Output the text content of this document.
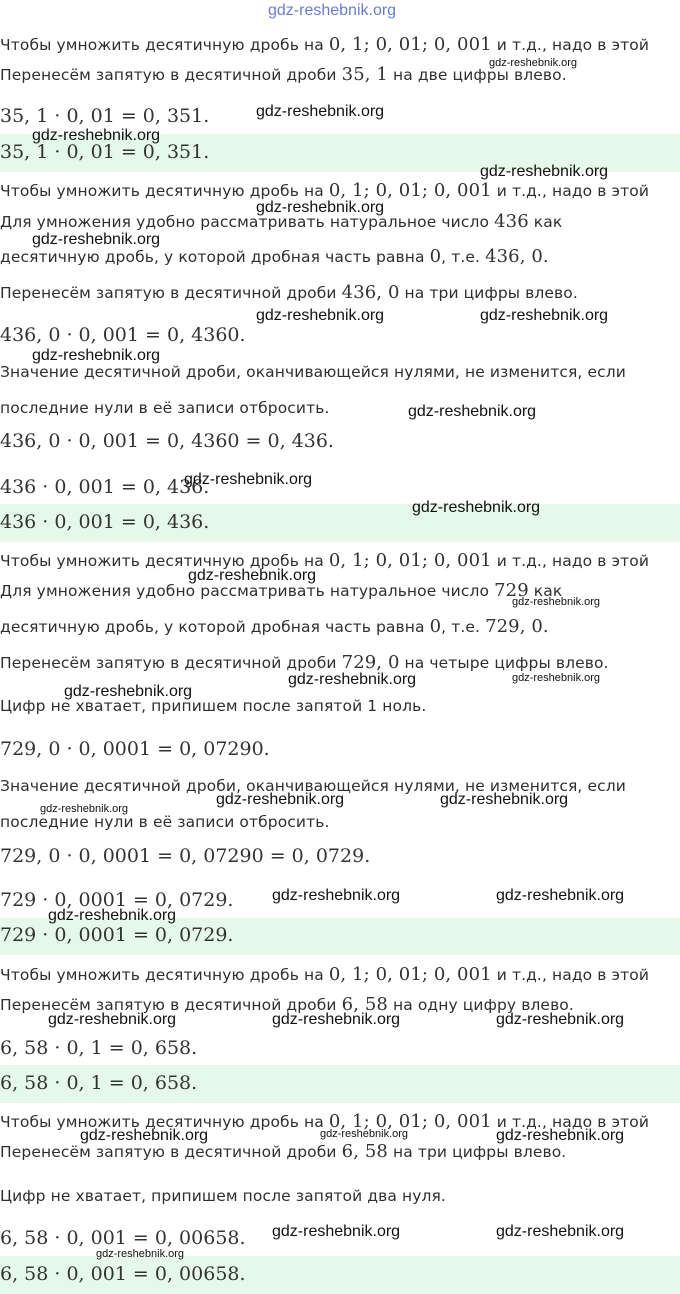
gdz-reshebnik.org

Чтобы умножить десятичную дробь на 0, 1; 0, 01; 0, 001 и т.д., надо в этой

Перенесём запятую в десятичной дроби 35, 1 на две цифры влево.

35, 1 · 0, 01 = 0, 351.

35, 1 · 0, 01 = 0, 351.

Чтобы умножить десятичную дробь на 0, 1; 0, 01; 0, 001 и т.д., надо в этой

Для умножения удобно рассматривать натуральное число 436 как

десятичную дробь, у которой дробная часть равна 0, т.е. 436, 0.

Перенесём запятую в десятичной дроби 436, 0 на три цифры влево.

436, 0 · 0, 001 = 0, 4360.

Значение десятичной дроби, оканчивающейся нулями, не изменится, если

последние нули в её записи отбросить.

436, 0 · 0, 001 = 0, 4360 = 0, 436.

436 · 0, 001 = 0, 436.

436 · 0, 001 = 0, 436.

Чтобы умножить десятичную дробь на 0, 1; 0, 01; 0, 001 и т.д., надо в этой

Для умножения удобно рассматривать натуральное число 729 как

десятичную дробь, у которой дробная часть равна 0, т.е. 729, 0.

Перенесём запятую в десятичной дроби 729, 0 на четыре цифры влево.

Цифр не хватает, припишем после запятой 1 ноль.

729, 0 · 0, 0001 = 0, 07290.

Значение десятичной дроби, оканчивающейся нулями, не изменится, если

последние нули в её записи отбросить.

729, 0 · 0, 0001 = 0, 07290 = 0, 0729.

729 · 0, 0001 = 0, 0729.

729 · 0, 0001 = 0, 0729.

Чтобы умножить десятичную дробь на 0, 1; 0, 01; 0, 001 и т.д., надо в этой

Перенесём запятую в десятичной дроби 6, 58 на одну цифру влево.

6, 58 · 0, 1 = 0, 658.

6, 58 · 0, 1 = 0, 658.

Чтобы умножить десятичную дробь на 0, 1; 0, 01; 0, 001 и т.д., надо в этой

Перенесём запятую в десятичной дроби 6, 58 на три цифры влево.

Цифр не хватает, припишем после запятой два нуля.

6, 58 · 0, 001 = 0, 00658.

6, 58 · 0, 001 = 0, 00658.
gdz-reshebnik.org
gdz-reshebnik.org
gdz-reshebnik.org
gdz-reshebnik.org
gdz-reshebnik.org
gdz-reshebnik.org
gdz-reshebnik.org	gdz-reshebnik.org
gdz-reshebnik.org
gdz-reshebnik.org
gdz-reshebnik.org
gdz-reshebnik.org
gdz-reshebnik.org
gdz-reshebnik.org
gdz-reshebnik.org	gdz-reshebnik.org
gdz-reshebnik.org
gdz-reshebnik.org	gdz-reshebnik.org
gdz-reshebnik.org
gdz-reshebnik.org	gdz-reshebnik.org
gdz-reshebnik.org
gdz-reshebnik.org	gdz-reshebnik.org	gdz-reshebnik.org
gdz-reshebnik.org	gdz-reshebnik.org	gdz-reshebnik.org
gdz-reshebnik.org	gdz-reshebnik.org
gdz-reshebnik.org
